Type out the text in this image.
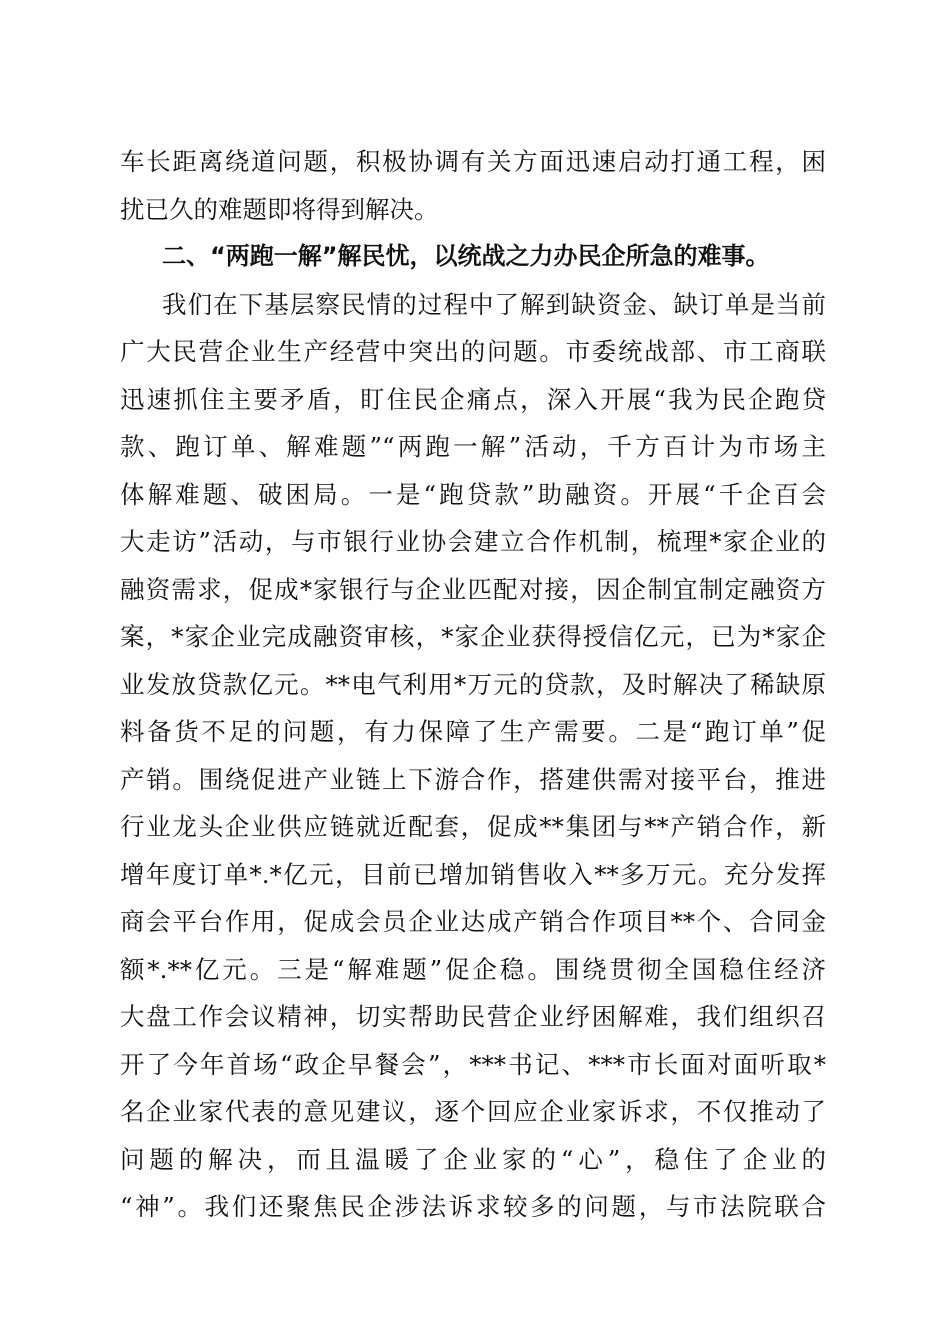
车长距离绕道问题，积极协调有关方面迅速启动打通工程，困
扰已久的难题即将得到解决。
二、“两跑一解”解民忧，以统战之力办民企所急的难事。
我们在下基层察民情的过程中了解到缺资金、缺订单是当前
广大民营企业生产经营中突出的问题。市委统战部、市工商联
迅速抓住主要矛盾，盯住民企痛点，深入开展“我为民企跑贷
款、跑订单、解难题”“两跑一解”活动，千方百计为市场主
体解难题、破困局。一是“跑贷款”助融资。开展“千企百会
大走访”活动，与市银行业协会建立合作机制，梳理*家企业的
融资需求，促成*家银行与企业匹配对接，因企制宜制定融资方
案，*家企业完成融资审核，*家企业获得授信亿元，已为*家企
业发放贷款亿元。**电气利用*万元的贷款，及时解决了稀缺原
料备货不足的问题，有力保障了生产需要。二是“跑订单”促
产销。围绕促进产业链上下游合作，搭建供需对接平台，推进
行业龙头企业供应链就近配套，促成**集团与**产销合作，新
增年度订单*.*亿元，目前已增加销售收入**多万元。充分发挥
商会平台作用，促成会员企业达成产销合作项目**个、合同金
额*.**亿元。三是“解难题”促企稳。围绕贯彻全国稳住经济
大盘工作会议精神，切实帮助民营企业纾困解难，我们组织召
开了今年首场“政企早餐会”，***书记、***市长面对面听取*
名企业家代表的意见建议，逐个回应企业家诉求，不仅推动了
问题的解决，而且温暖了企业家的“心”，稳住了企业的
“神”。我们还聚焦民企涉法诉求较多的问题，与市法院联合
